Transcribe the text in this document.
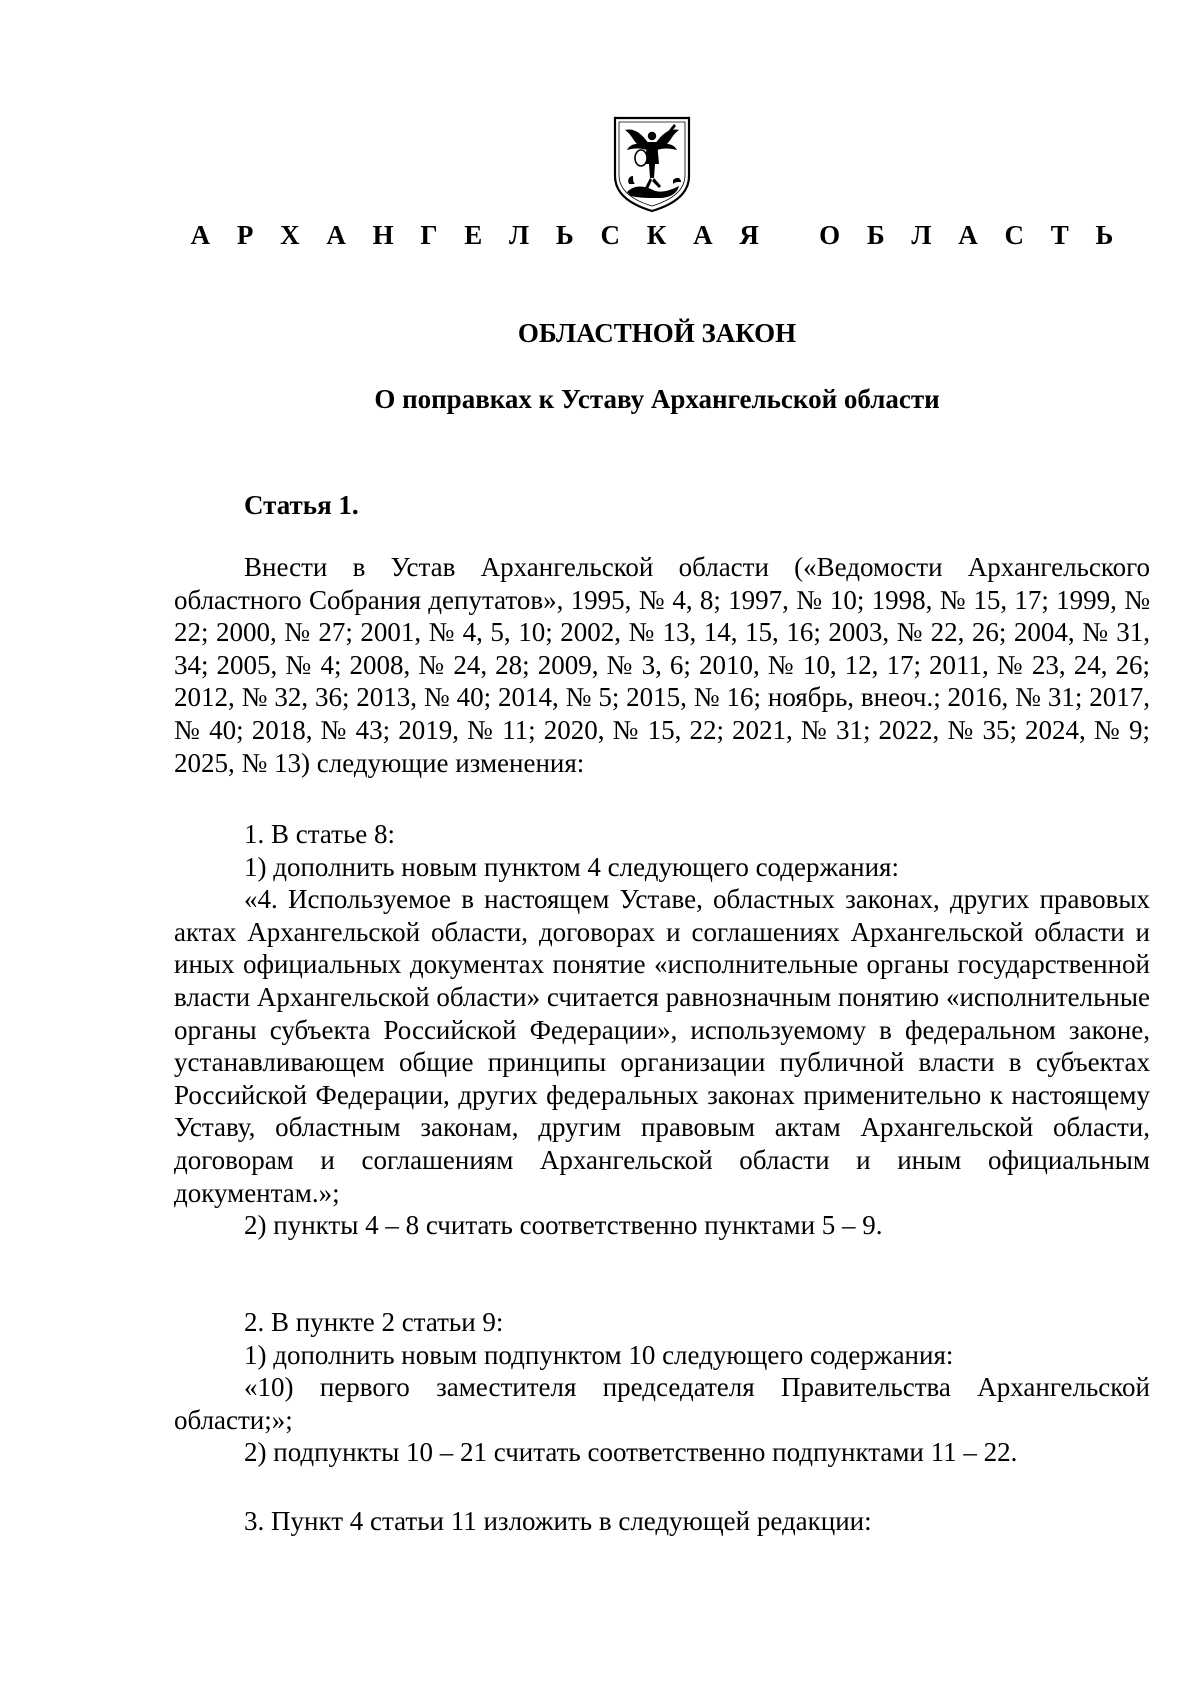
А Р Х А Н Г Е Л Ь С К А Я   О Б Л А С Т Ь
ОБЛАСТНОЙ ЗАКОН
О поправках к Уставу Архангельской области
Статья 1.

Внести в Устав Архангельской области («Ведомости Архангельского областного Собрания депутатов», 1995, № 4, 8; 1997, № 10; 1998, № 15, 17; 1999, № 22; 2000, № 27; 2001, № 4, 5, 10; 2002, № 13, 14, 15, 16; 2003, № 22, 26; 2004, № 31, 34; 2005, № 4; 2008, № 24, 28; 2009, № 3, 6; 2010, № 10, 12, 17; 2011, № 23, 24, 26; 2012, № 32, 36; 2013, № 40; 2014, № 5; 2015, № 16; ноябрь, внеоч.; 2016, № 31; 2017, № 40; 2018, № 43; 2019, № 11; 2020, № 15, 22; 2021, № 31; 2022, № 35; 2024, № 9; 2025, № 13) следующие изменения:

1. В статье 8:

1) дополнить новым пунктом 4 следующего содержания:

«4. Используемое в настоящем Уставе, областных законах, других правовых актах Архангельской области, договорах и соглашениях Архангельской области и иных официальных документах понятие «исполнительные органы государственной власти Архангельской области» считается равнозначным понятию «исполнительные органы субъекта Российской Федерации», используемому в федеральном законе, устанавливающем общие принципы организации публичной власти в субъектах Российской Федерации, других федеральных законах применительно к настоящему Уставу, областным законам, другим правовым актам Архангельской области, договорам и соглашениям Архангельской области и иным официальным документам.»;

2) пункты 4 – 8 считать соответственно пунктами 5 – 9.

2. В пункте 2 статьи 9:

1) дополнить новым подпунктом 10 следующего содержания:

«10) первого заместителя председателя Правительства Архангельской области;»;

2) подпункты 10 – 21 считать соответственно подпунктами 11 – 22.

3. Пункт 4 статьи 11 изложить в следующей редакции:
